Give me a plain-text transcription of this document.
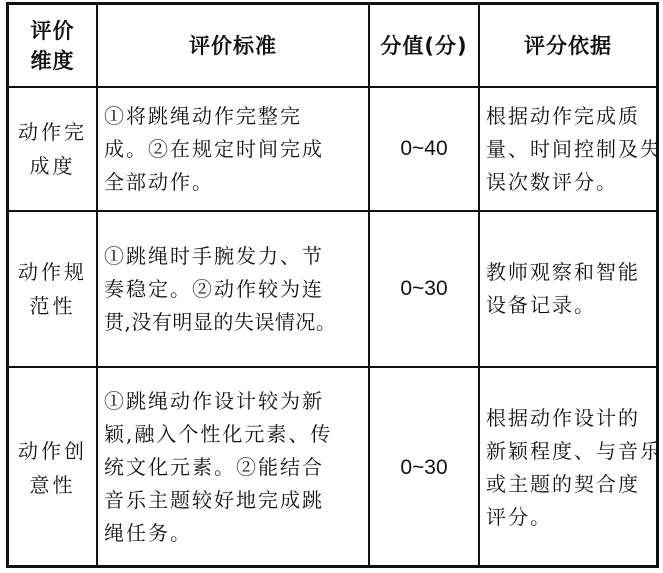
评价
维度	评价标准	分值(分)	评分依据

动作完
成度	①将跳绳动作完整完
成。②在规定时间完成
全部动作。	0~40	根据动作完成质
量、时间控制及失
误次数评分。

动作规
范性	①跳绳时手腕发力、节
奏稳定。②动作较为连
贯,没有明显的失误情况。	0~30	教师观察和智能
设备记录。

动作创
意性	①跳绳动作设计较为新
颖,融入个性化元素、传
统文化元素。②能结合
音乐主题较好地完成跳
绳任务。	0~30	根据动作设计的
新颖程度、与音乐
或主题的契合度
评分。
